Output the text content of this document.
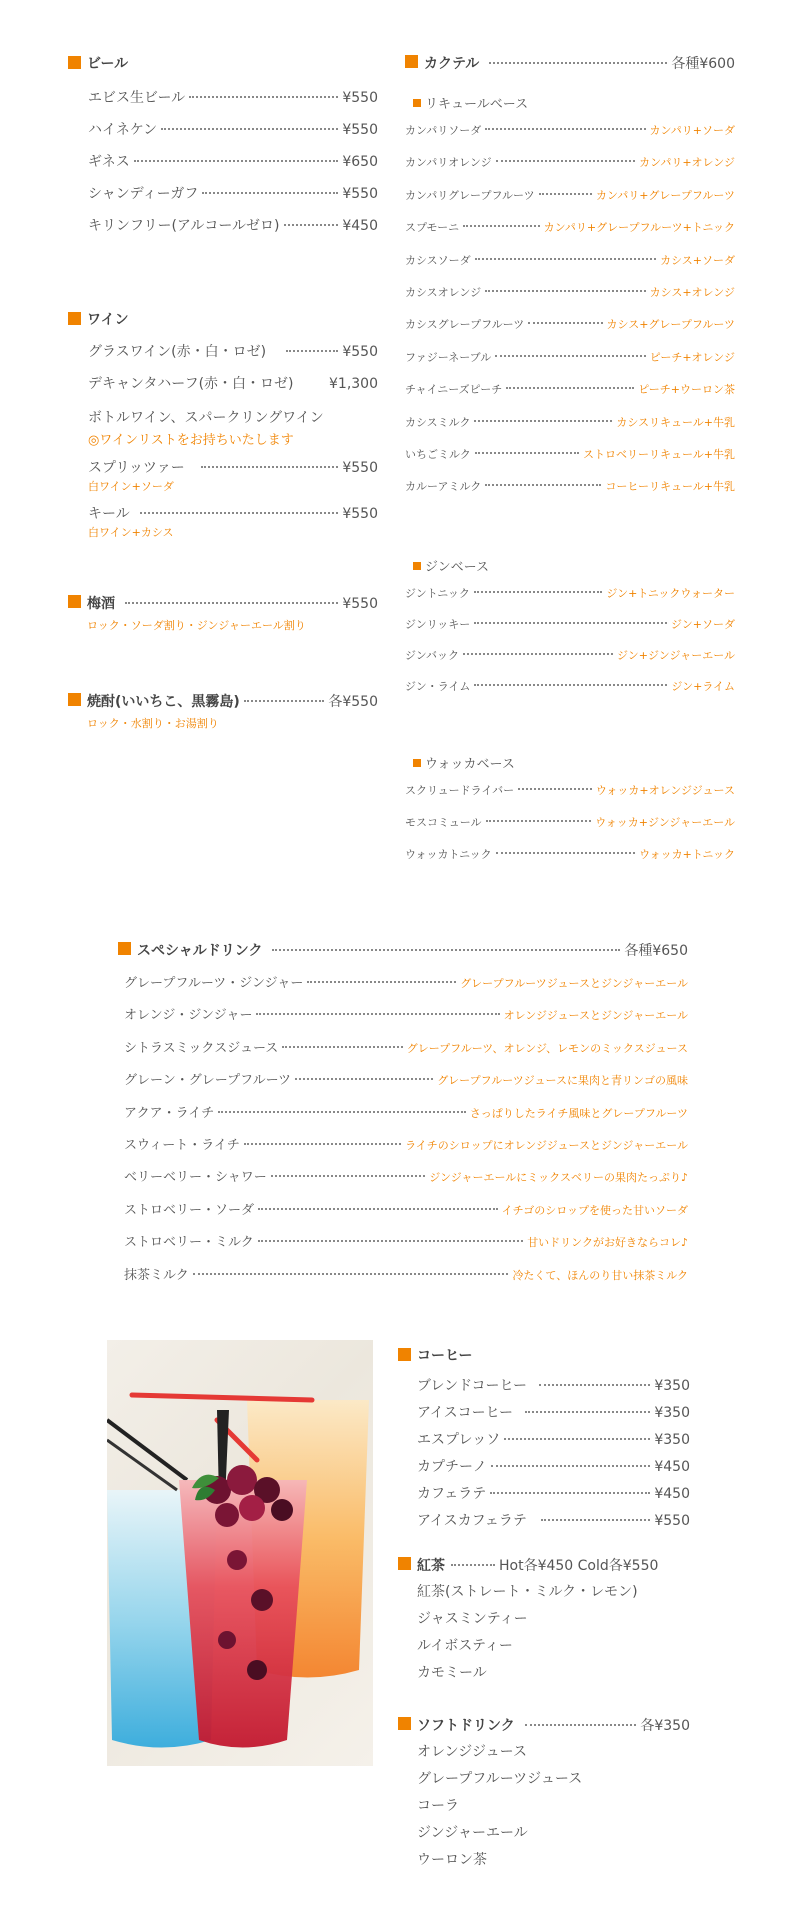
ビール
エビス生ビール	¥550
ハイネケン	¥550
ギネス	¥650
シャンディーガフ	¥550
キリンフリー(アルコールゼロ)	¥450
ワイン
グラスワイン(赤・白・ロゼ)	¥550
デキャンタハーフ(赤・白・ロゼ)	¥1,300
ボトルワイン、スパークリングワイン
◎ワインリストをお持ちいたします
スプリッツァー	¥550
白ワイン+ソーダ
キール	¥550
白ワイン+カシス
梅酒	¥550
ロック・ソーダ割り・ジンジャーエール割り
焼酎(いいちこ、黒霧島)	各¥550
ロック・水割り・お湯割り
カクテル	各種¥600
リキュールベース
カンパリソーダ	カンパリ+ソーダ
カンパリオレンジ	カンパリ+オレンジ
カンパリグレープフルーツ	カンパリ+グレープフルーツ
スプモーニ	カンパリ+グレープフルーツ+トニック
カシスソーダ	カシス+ソーダ
カシスオレンジ	カシス+オレンジ
カシスグレープフルーツ	カシス+グレープフルーツ
ファジーネーブル	ピーチ+オレンジ
チャイニーズピーチ	ピーチ+ウーロン茶
カシスミルク	カシスリキュール+牛乳
いちごミルク	ストロベリーリキュール+牛乳
カルーアミルク	コーヒーリキュール+牛乳
ジンベース
ジントニック	ジン+トニックウォーター
ジンリッキー	ジン+ソーダ
ジンバック	ジン+ジンジャーエール
ジン・ライム	ジン+ライム
ウォッカベース
スクリュードライバー	ウォッカ+オレンジジュース
モスコミュール	ウォッカ+ジンジャーエール
ウォッカトニック	ウォッカ+トニック
スペシャルドリンク	各種¥650
グレープフルーツ・ジンジャー	グレープフルーツジュースとジンジャーエール
オレンジ・ジンジャー	オレンジジュースとジンジャーエール
シトラスミックスジュース	グレープフルーツ、オレンジ、レモンのミックスジュース
グレーン・グレープフルーツ	グレープフルーツジュースに果肉と青リンゴの風味
アクア・ライチ	さっぱりしたライチ風味とグレープフルーツ
スウィート・ライチ	ライチのシロップにオレンジジュースとジンジャーエール
ベリーベリー・シャワー	ジンジャーエールにミックスベリーの果肉たっぷり♪
ストロベリー・ソーダ	イチゴのシロップを使った甘いソーダ
ストロベリー・ミルク	甘いドリンクがお好きならコレ♪
抹茶ミルク	冷たくて、ほんのり甘い抹茶ミルク
コーヒー
ブレンドコーヒー	¥350
アイスコーヒー	¥350
エスプレッソ	¥350
カプチーノ	¥450
カフェラテ	¥450
アイスカフェラテ	¥550
紅茶	Hot各¥450 Cold各¥550
紅茶(ストレート・ミルク・レモン)
ジャスミンティー
ルイボスティー
カモミール
ソフトドリンク	各¥350
オレンジジュース
グレープフルーツジュース
コーラ
ジンジャーエール
ウーロン茶
